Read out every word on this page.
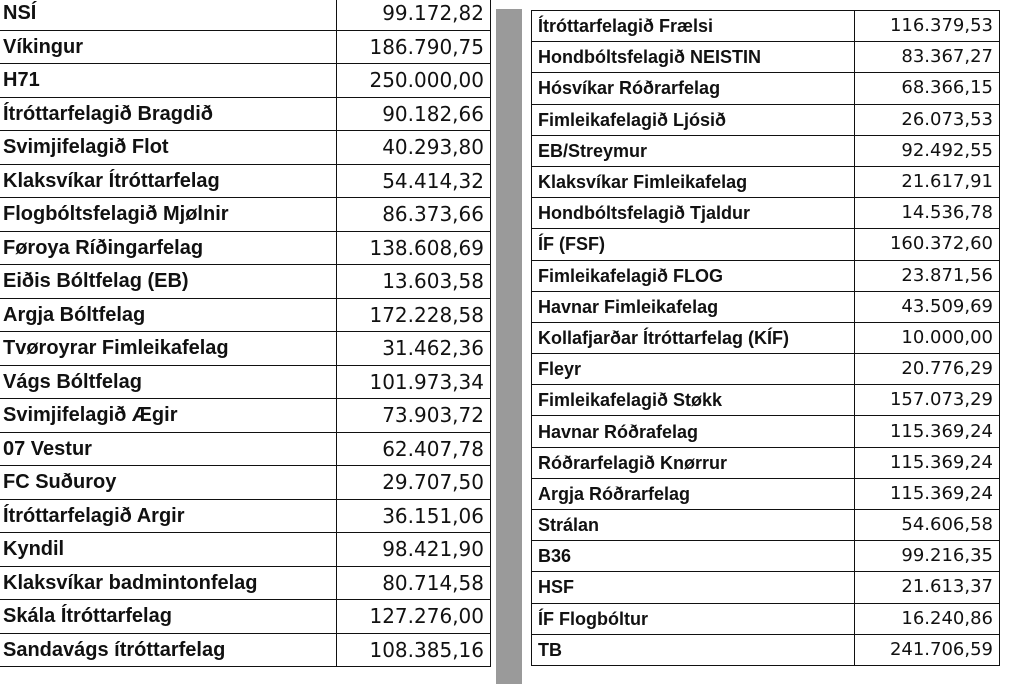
NSÍ	99.172,82
Víkingur	186.790,75
H71	250.000,00
Ítróttarfelagið Bragdið	90.182,66
Svimjifelagið Flot	40.293,80
Klaksvíkar Ítróttarfelag	54.414,32
Flogbóltsfelagið Mjølnir	86.373,66
Føroya Ríðingarfelag	138.608,69
Eiðis Bóltfelag (EB)	13.603,58
Argja Bóltfelag	172.228,58
Tvøroyrar Fimleikafelag	31.462,36
Vágs Bóltfelag	101.973,34
Svimjifelagið Ægir	73.903,72
07 Vestur	62.407,78
FC Suðuroy	29.707,50
Ítróttarfelagið Argir	36.151,06
Kyndil	98.421,90
Klaksvíkar badmintonfelag	80.714,58
Skála Ítróttarfelag	127.276,00
Sandavágs ítróttarfelag	108.385,16
Ítróttarfelagið Frælsi	116.379,53
Hondbóltsfelagið NEISTIN	83.367,27
Hósvíkar Róðrarfelag	68.366,15
Fimleikafelagið Ljósið	26.073,53
EB/Streymur	92.492,55
Klaksvíkar Fimleikafelag	21.617,91
Hondbóltsfelagið Tjaldur	14.536,78
ÍF (FSF)	160.372,60
Fimleikafelagið FLOG	23.871,56
Havnar Fimleikafelag	43.509,69
Kollafjarðar Ítróttarfelag (KÍF)	10.000,00
Fleyr	20.776,29
Fimleikafelagið Støkk	157.073,29
Havnar Róðrafelag	115.369,24
Róðrarfelagið Knørrur	115.369,24
Argja Róðrarfelag	115.369,24
Strálan	54.606,58
B36	99.216,35
HSF	21.613,37
ÍF Flogbóltur	16.240,86
TB	241.706,59
